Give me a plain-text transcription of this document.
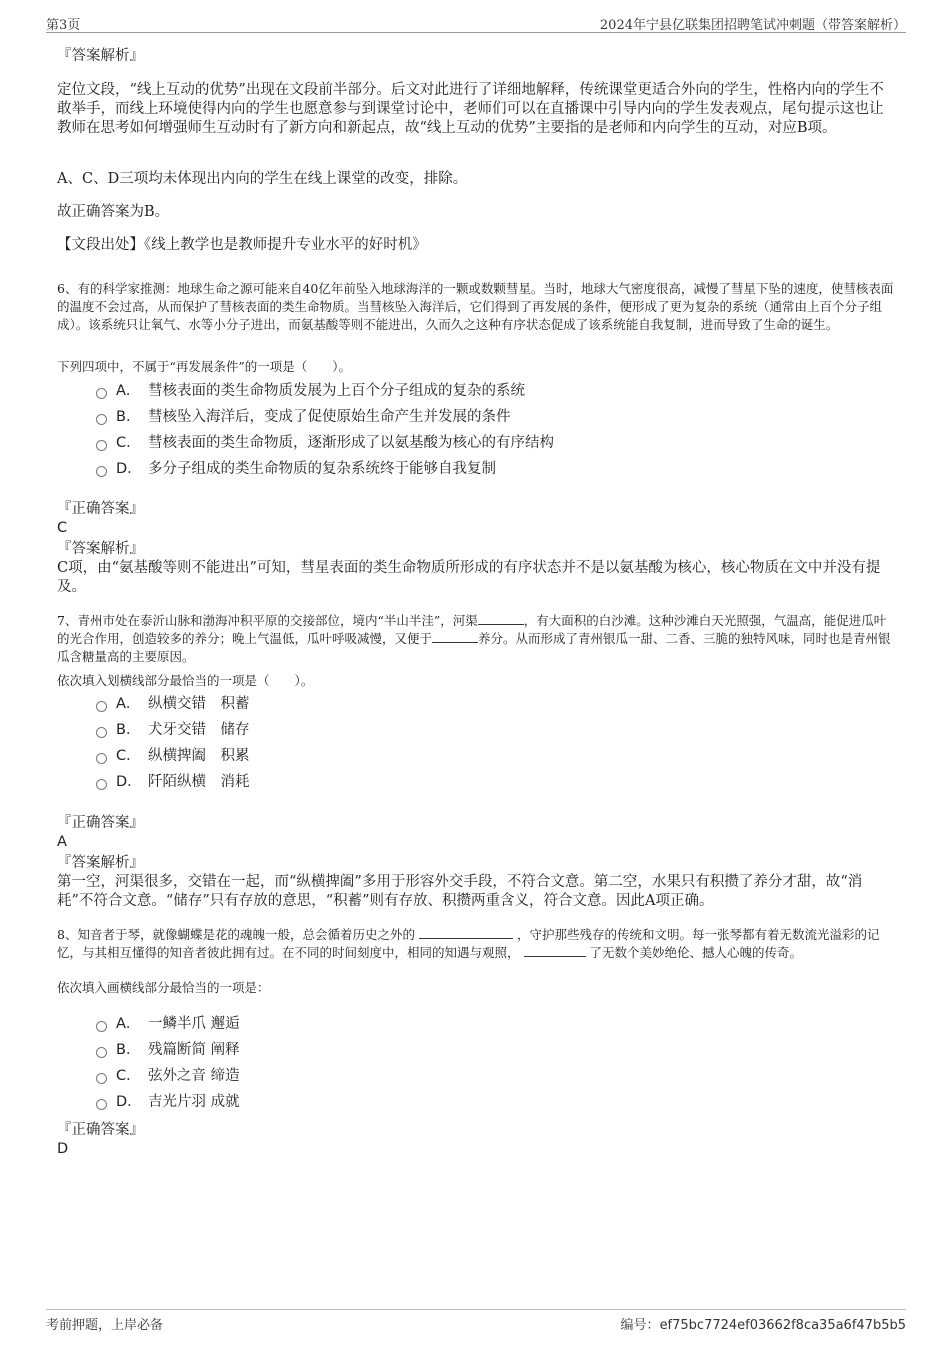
第3页	2024年宁县亿联集团招聘笔试冲刺题（带答案解析）

『答案解析』

定位文段，“线上互动的优势”出现在文段前半部分。后文对此进行了详细地解释，传统课堂更适合外向的学生，性格内向的学生不敢举手，而线上环境使得内向的学生也愿意参与到课堂讨论中，老师们可以在直播课中引导内向的学生发表观点，尾句提示这也让教师在思考如何增强师生互动时有了新方向和新起点，故“线上互动的优势”主要指的是老师和内向学生的互动，对应B项。

A、C、D三项均未体现出内向的学生在线上课堂的改变，排除。

故正确答案为B。

【文段出处】《线上教学也是教师提升专业水平的好时机》

6、有的科学家推测：地球生命之源可能来自40亿年前坠入地球海洋的一颗或数颗彗星。当时，地球大气密度很高，减慢了彗星下坠的速度，使彗核表面的温度不会过高，从而保护了彗核表面的类生命物质。当彗核坠入海洋后，它们得到了再发展的条件，便形成了更为复杂的系统（通常由上百个分子组成）。该系统只让氧气、水等小分子进出，而氨基酸等则不能进出，久而久之这种有序状态促成了该系统能自我复制，进而导致了生命的诞生。

下列四项中，不属于“再发展条件”的一项是（　　）。

A． 彗核表面的类生命物质发展为上百个分子组成的复杂的系统
B． 彗核坠入海洋后，变成了促使原始生命产生并发展的条件
C． 彗核表面的类生命物质，逐渐形成了以氨基酸为核心的有序结构
D． 多分子组成的类生命物质的复杂系统终于能够自我复制

『正确答案』

C

『答案解析』

C项，由“氨基酸等则不能进出”可知，彗星表面的类生命物质所形成的有序状态并不是以氨基酸为核心，核心物质在文中并没有提及。

7、青州市处在泰沂山脉和渤海冲积平原的交接部位，境内“半山半洼”，河渠	，有大面积的白沙滩。这种沙滩白天光照强，气温高，能促进瓜叶的光合作用，创造较多的养分；晚上气温低，瓜叶呼吸减慢，又便于	养分。从而形成了青州银瓜一甜、二香、三脆的独特风味，同时也是青州银瓜含糖量高的主要原因。

依次填入划横线部分最恰当的一项是（　　）。

A． 纵横交错　积蓄
B． 犬牙交错　储存
C． 纵横捭阖　积累
D． 阡陌纵横　消耗

『正确答案』

A

『答案解析』

第一空，河渠很多，交错在一起，而“纵横捭阖”多用于形容外交手段，不符合文意。第二空，水果只有积攒了养分才甜，故“消耗”不符合文意。“储存”只有存放的意思，“积蓄”则有存放、积攒两重含义，符合文意。因此A项正确。

8、知音者于琴，就像蝴蝶是花的魂魄一般，总会循着历史之外的	，守护那些残存的传统和文明。每一张琴都有着无数流光溢彩的记忆，与其相互懂得的知音者彼此拥有过。在不同的时间刻度中，相同的知遇与观照，	了无数个美妙绝伦、撼人心魄的传奇。

依次填入画横线部分最恰当的一项是：

A． 一鳞半爪 邂逅
B． 残篇断简 阐释
C． 弦外之音 缔造
D． 吉光片羽 成就

『正确答案』

D

考前押题，上岸必备	编号：ef75bc7724ef03662f8ca35a6f47b5b5
